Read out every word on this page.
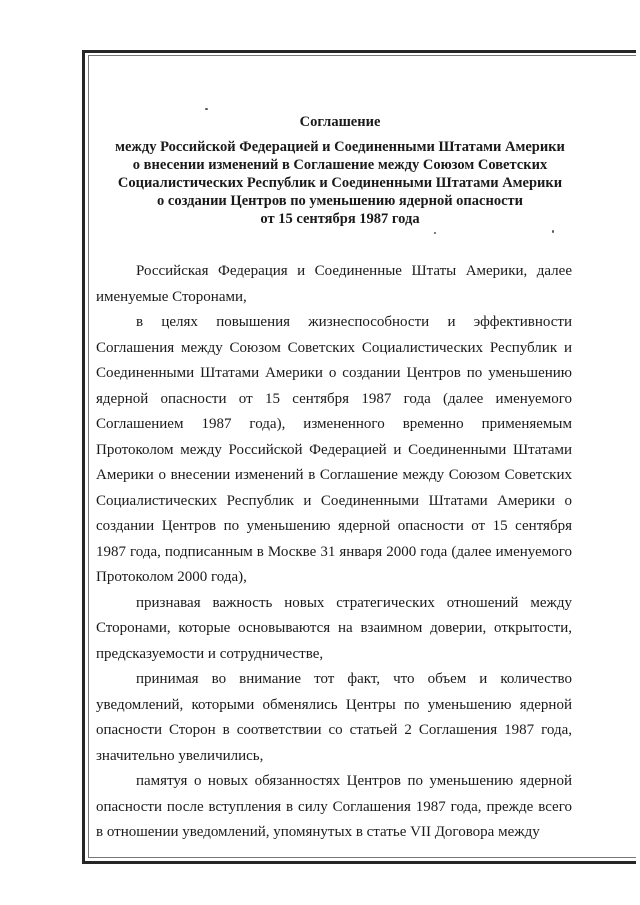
Соглашение
между Российской Федерацией и Соединенными Штатами Америки
о внесении изменений в Соглашение между Союзом Советских
Социалистических Республик и Соединенными Штатами Америки
о создании Центров по уменьшению ядерной опасности
от 15 сентября 1987 года

Российская Федерация и Соединенные Штаты Америки, далее именуемые Сторонами,

в целях повышения жизнеспособности и эффективности Соглашения между Союзом Советских Социалистических Республик и Соединенными Штатами Америки о создании Центров по уменьшению ядерной опасности от 15 сентября 1987 года (далее именуемого Соглашением 1987 года), измененного временно применяемым Протоколом между Российской Федерацией и Соединенными Штатами Америки о внесении изменений в Соглашение между Союзом Советских Социалистических Республик и Соединенными Штатами Америки о создании Центров по уменьшению ядерной опасности от 15 сентября 1987 года, подписанным в Москве 31 января 2000 года (далее именуемого Протоколом 2000 года),

признавая важность новых стратегических отношений между Сторонами, которые основываются на взаимном доверии, открытости, предсказуемости и сотрудничестве,

принимая во внимание тот факт, что объем и количество уведомлений, которыми обменялись Центры по уменьшению ядерной опасности Сторон в соответствии со статьей 2 Соглашения 1987 года, значительно увеличились,

памятуя о новых обязанностях Центров по уменьшению ядерной опасности после вступления в силу Соглашения 1987 года, прежде всего в отношении уведомлений, упомянутых в статье VII Договора между
